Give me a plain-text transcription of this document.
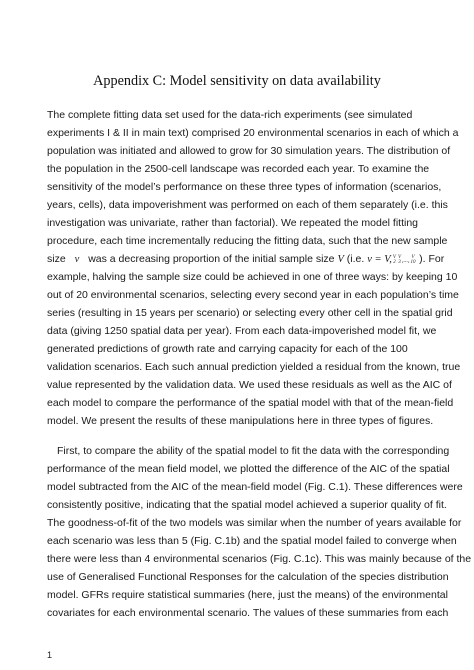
Appendix C: Model sensitivity on data availability
The complete fitting data set used for the data-rich experiments (see simulated
experiments I & II in main text) comprised 20 environmental scenarios in each of which a
population was initiated and allowed to grow for 30 simulation years. The distribution of
the population in the 2500-cell landscape was recorded each year. To examine the
sensitivity of the model’s performance on these three types of information (scenarios,
years, cells), data impoverishment was performed on each of them separately (i.e. this
investigation was univariate, rather than factorial). We repeated the model fitting
procedure, each time incrementally reducing the fitting data, such that the new sample
size v was a decreasing proportion of the initial sample size V (i.e. v = V, V
2
V
3 ,...,
V
10 ). For
example, halving the sample size could be achieved in one of three ways: by keeping 10
out of 20 environmental scenarios, selecting every second year in each population’s time
series (resulting in 15 years per scenario) or selecting every other cell in the spatial grid
data (giving 1250 spatial data per year). From each data-impoverished model fit, we
generated predictions of growth rate and carrying capacity for each of the 100
validation scenarios. Each such annual prediction yielded a residual from the known, true
value represented by the validation data. We used these residuals as well as the AIC of
each model to compare the performance of the spatial model with that of the mean-field
model. We present the results of these manipulations here in three types of figures.
First, to compare the ability of the spatial model to fit the data with the corresponding
performance of the mean field model, we plotted the difference of the AIC of the spatial
model subtracted from the AIC of the mean-field model (Fig. C.1). These differences were
consistently positive, indicating that the spatial model achieved a superior quality of fit.
The goodness-of-fit of the two models was similar when the number of years available for
each scenario was less than 5 (Fig. C.1b) and the spatial model failed to converge when
there were less than 4 environmental scenarios (Fig. C.1c). This was mainly because of the
use of Generalised Functional Responses for the calculation of the species distribution
model. GFRs require statistical summaries (here, just the means) of the environmental
covariates for each environmental scenario. The values of these summaries from each
1
